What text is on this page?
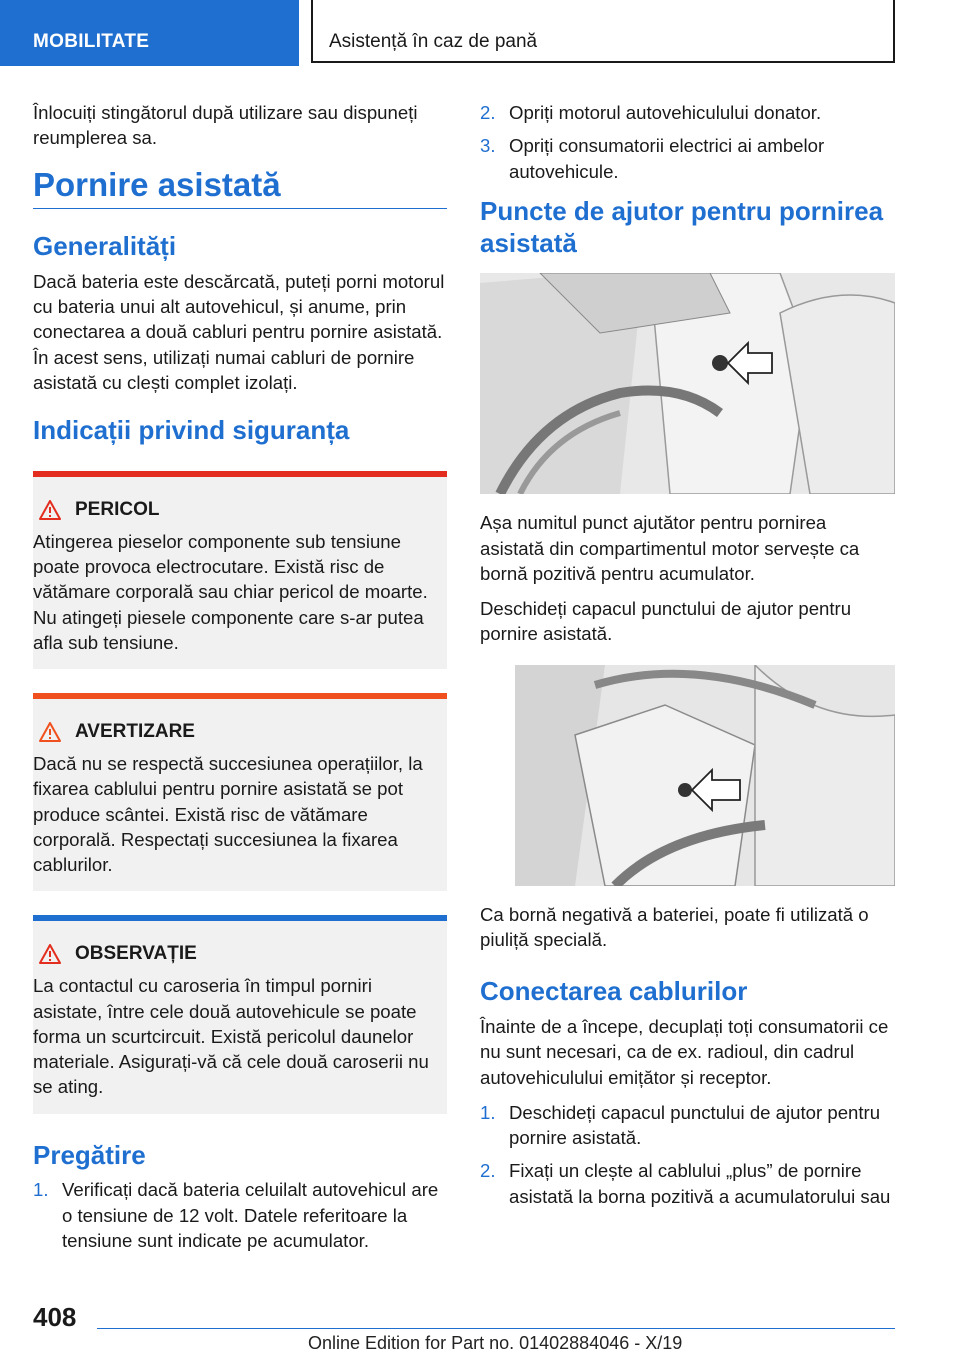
MOBILITATE	Asistență în caz de pană

Înlocuiți stingătorul după utilizare sau dispuneți reumplerea sa.

Pornire asistată
Generalități

Dacă bateria este descărcată, puteți porni motorul cu bateria unui alt autovehicul, și anume, prin conectarea a două cabluri pentru pornire asistată. În acest sens, utilizați numai cabluri de pornire asistată cu clești complet izolați.

Indicații privind siguranța
PERICOL

Atingerea pieselor componente sub tensiune poate provoca electrocutare. Există risc de vătămare corporală sau chiar pericol de moarte. Nu atingeți piesele componente care s-ar putea afla sub tensiune.

AVERTIZARE

Dacă nu se respectă succesiunea operațiilor, la fixarea cablului pentru pornire asistată se pot produce scântei. Există risc de vătămare corporală. Respectați succesiunea la fixarea cablurilor.

OBSERVAȚIE

La contactul cu caroseria în timpul porniri asistate, între cele două autovehicule se poate forma un scurtcircuit. Există pericolul daunelor materiale. Asigurați-vă că cele două caroserii nu se ating.

Pregătire
1. Verificați dacă bateria celuilalt autovehicul are o tensiune de 12 volt. Datele referitoare la tensiune sunt indicate pe acumulator.
2. Opriți motorul autovehiculului donator.
3. Opriți consumatorii electrici ai ambelor autovehicule.
Puncte de ajutor pentru pornirea asistată

Așa numitul punct ajutător pentru pornirea asistată din compartimentul motor servește ca bornă pozitivă pentru acumulator.

Deschideți capacul punctului de ajutor pentru pornire asistată.

Ca bornă negativă a bateriei, poate fi utilizată o piuliță specială.

Conectarea cablurilor

Înainte de a începe, decuplați toți consumatorii ce nu sunt necesari, ca de ex. radioul, din cadrul autovehiculului emițător și receptor.

1. Deschideți capacul punctului de ajutor pentru pornire asistată.
2. Fixați un clește al cablului „plus” de pornire asistată la borna pozitivă a acumulatorului sau
408
Online Edition for Part no. 01402884046 - X/19
